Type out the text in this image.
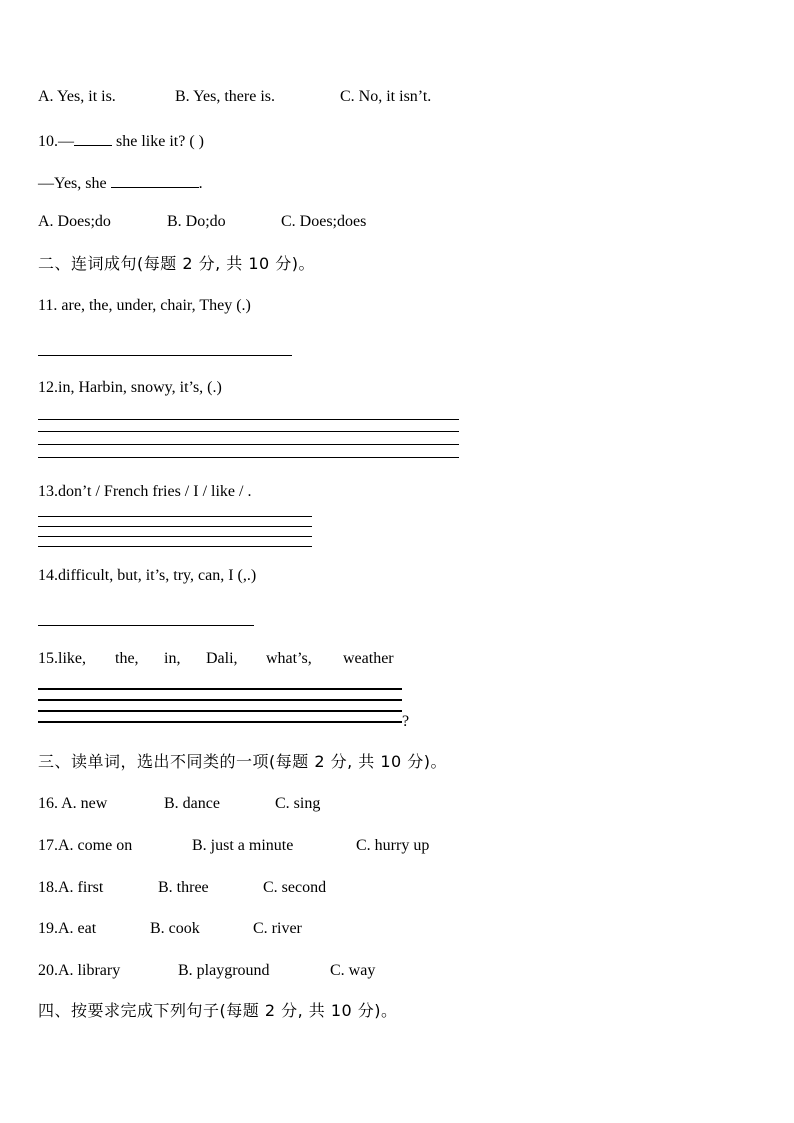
A. Yes, it is.	B. Yes, there is.	C. No, it isn’t.
10.— she like it? ( )
—Yes, she	.
A. Does;do	B. Do;do	C. Does;does
二、连词成句(每题 2 分, 共 10 分)。
11. are, the, under, chair, They (.)
12.in, Harbin, snowy, it’s, (.)
13.don’t / French fries / I / like / .
14.difficult, but, it’s, try, can, I (,.)
15.like, the, in, Dali, what’s, weather
?
三、读单词，选出不同类的一项(每题 2 分, 共 10 分)。
16. A. new	B. dance	C. sing
17.A. come on	B. just a minute	C. hurry up
18.A. first	B. three	C. second
19.A. eat	B. cook	C. river
20.A. library	B. playground	C. way
四、按要求完成下列句子(每题 2 分, 共 10 分)。
